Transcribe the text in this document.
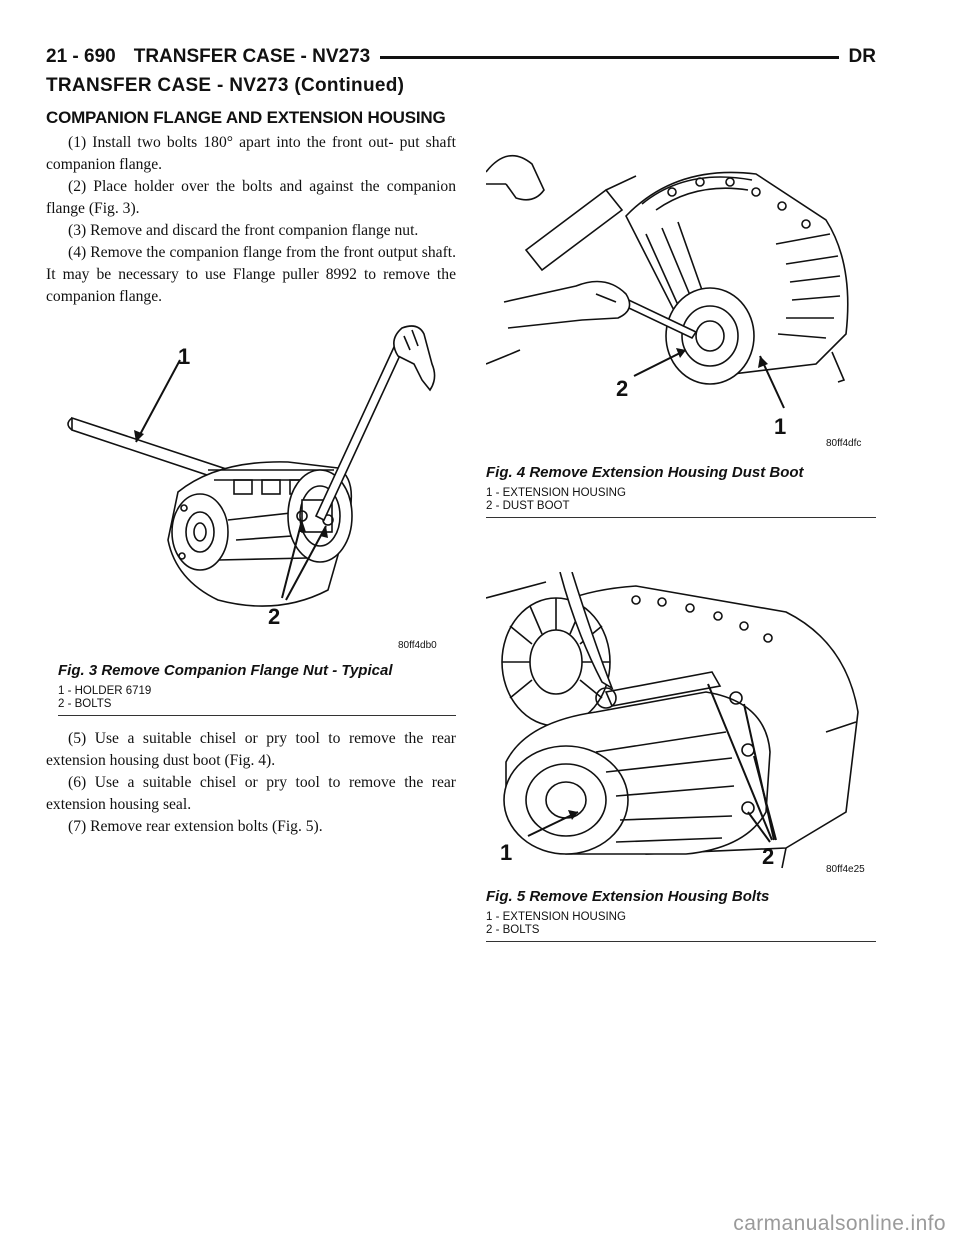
21 - 690 TRANSFER CASE - NV273	DR
TRANSFER CASE - NV273 (Continued)
COMPANION FLANGE AND EXTENSION HOUSING

(1) Install two bolts 180° apart into the front out- put shaft companion flange.

(2) Place holder over the bolts and against the companion flange (Fig. 3).

(3) Remove and discard the front companion flange nut.

(4) Remove the companion flange from the front output shaft. It may be necessary to use Flange puller 8992 to remove the companion flange.

1
2
80ff4db0
Fig. 3 Remove Companion Flange Nut - Typical
1 - HOLDER 6719
2 - BOLTS

(5) Use a suitable chisel or pry tool to remove the rear extension housing dust boot (Fig. 4).

(6) Use a suitable chisel or pry tool to remove the rear extension housing seal.

(7) Remove rear extension bolts (Fig. 5).

2
1
80ff4dfc
Fig. 4 Remove Extension Housing Dust Boot
1 - EXTENSION HOUSING
2 - DUST BOOT
1	2
80ff4e25
Fig. 5 Remove Extension Housing Bolts
1 - EXTENSION HOUSING
2 - BOLTS
carmanualsonline.info
